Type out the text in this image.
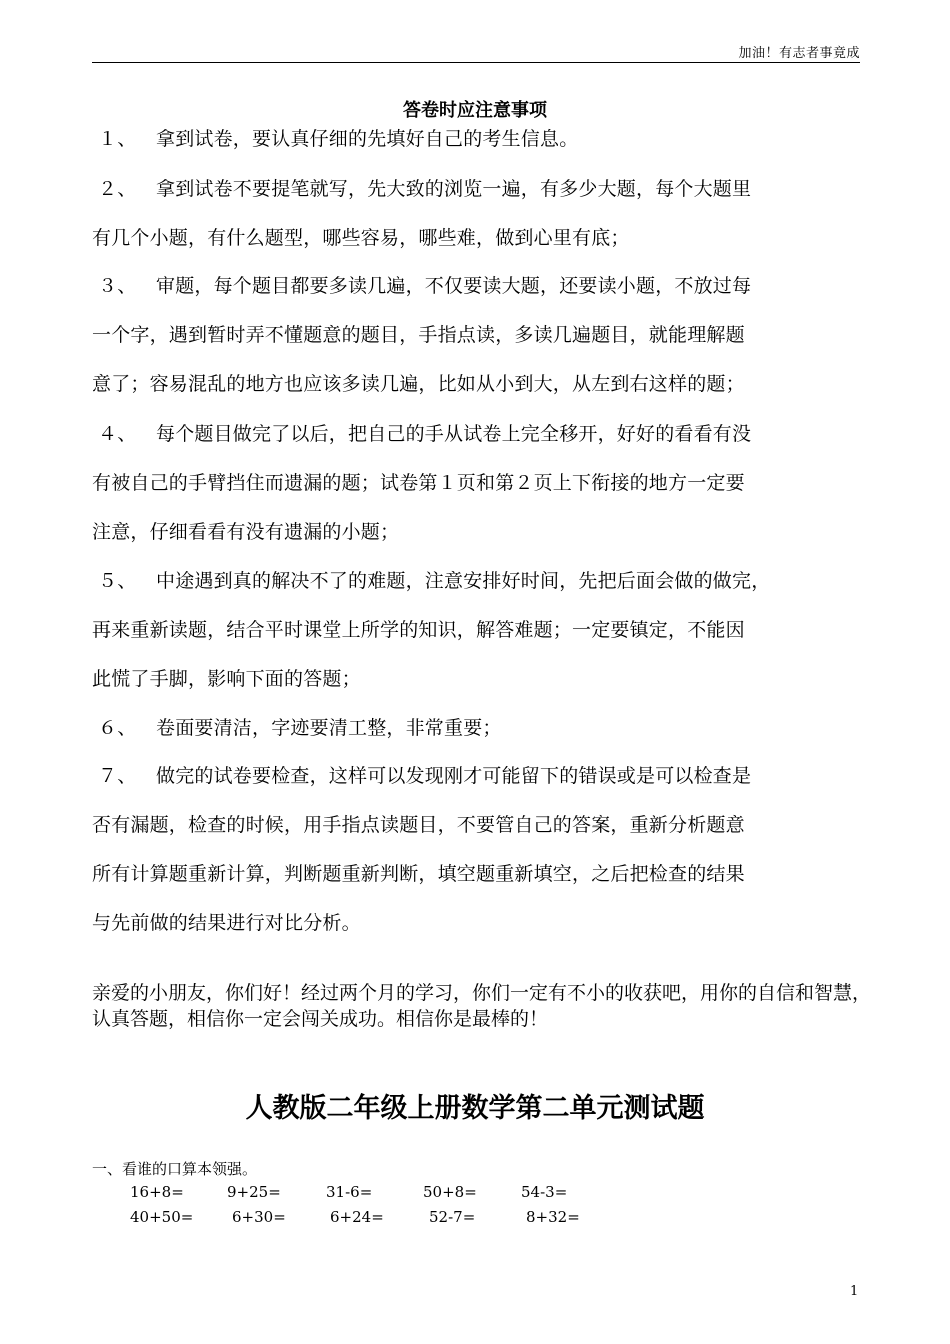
加油！有志者事竟成
答卷时应注意事项
１、 拿到试卷，要认真仔细的先填好自己的考生信息。
２、 拿到试卷不要提笔就写，先大致的浏览一遍，有多少大题，每个大题里
有几个小题，有什么题型，哪些容易，哪些难，做到心里有底；
３、 审题，每个题目都要多读几遍，不仅要读大题，还要读小题，不放过每
一个字，遇到暂时弄不懂题意的题目，手指点读，多读几遍题目，就能理解题
意了；容易混乱的地方也应该多读几遍，比如从小到大，从左到右这样的题；
４、 每个题目做完了以后，把自己的手从试卷上完全移开，好好的看看有没
有被自己的手臂挡住而遗漏的题；试卷第１页和第２页上下衔接的地方一定要
注意，仔细看看有没有遗漏的小题；
５、 中途遇到真的解决不了的难题，注意安排好时间，先把后面会做的做完，
再来重新读题，结合平时课堂上所学的知识，解答难题；一定要镇定，不能因
此慌了手脚，影响下面的答题；
６、 卷面要清洁，字迹要清工整，非常重要；
７、 做完的试卷要检查，这样可以发现刚才可能留下的错误或是可以检查是
否有漏题，检查的时候，用手指点读题目，不要管自己的答案，重新分析题意
所有计算题重新计算，判断题重新判断，填空题重新填空，之后把检查的结果
与先前做的结果进行对比分析。
亲爱的小朋友，你们好！经过两个月的学习，你们一定有不小的收获吧，用你的自信和智慧，认真答题，相信你一定会闯关成功。相信你是最棒的！
人教版二年级上册数学第二单元测试题
一、看谁的口算本领强。
16+8=	9+25=	31-6=	50+8=	54-3=
40+50=	6+30=	6+24=	52-7=	8+32=
1
